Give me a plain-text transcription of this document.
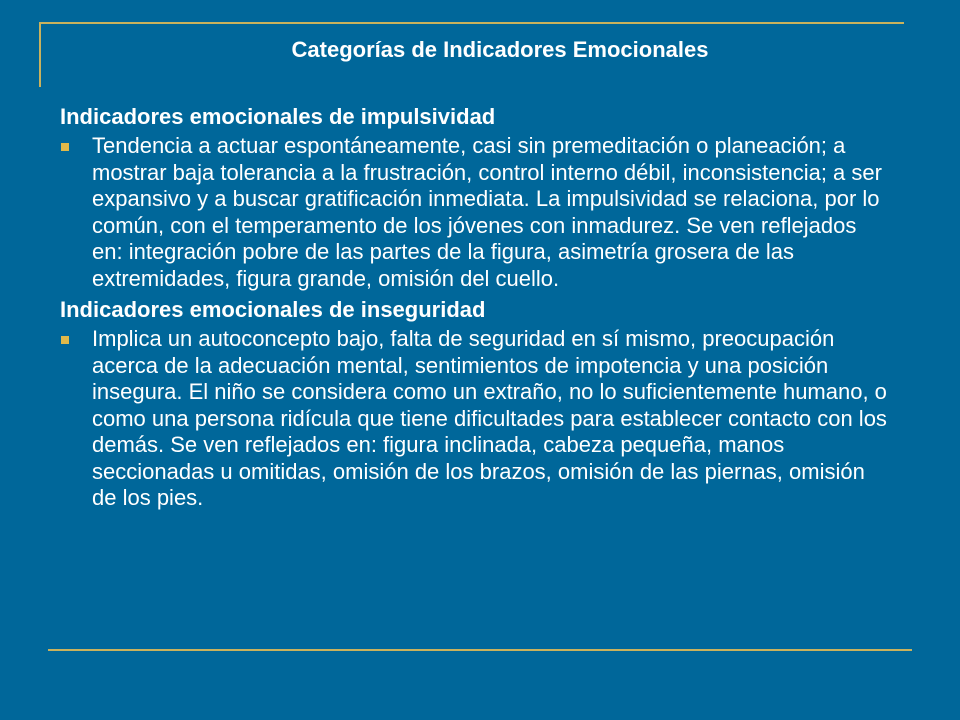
Categorías de Indicadores Emocionales

Indicadores emocionales de impulsividad

Tendencia a actuar espontáneamente, casi sin premeditación o planeación; a mostrar baja tolerancia a la frustración, control interno débil, inconsistencia; a ser expansivo y a buscar gratificación inmediata. La impulsividad se relaciona, por lo común, con el temperamento de los jóvenes con inmadurez. Se ven reflejados en: integración pobre de las partes de la figura, asimetría grosera de las extremidades, figura grande, omisión del cuello.

Indicadores emocionales de inseguridad

Implica un autoconcepto bajo, falta de seguridad en sí mismo, preocupación acerca de la adecuación mental, sentimientos de impotencia y una posición insegura. El niño se considera como un extraño, no lo suficientemente humano, o como una persona ridícula que tiene dificultades para establecer contacto con los demás. Se ven reflejados en: figura inclinada, cabeza pequeña, manos seccionadas u omitidas, omisión de los brazos, omisión de las piernas, omisión de los pies.
